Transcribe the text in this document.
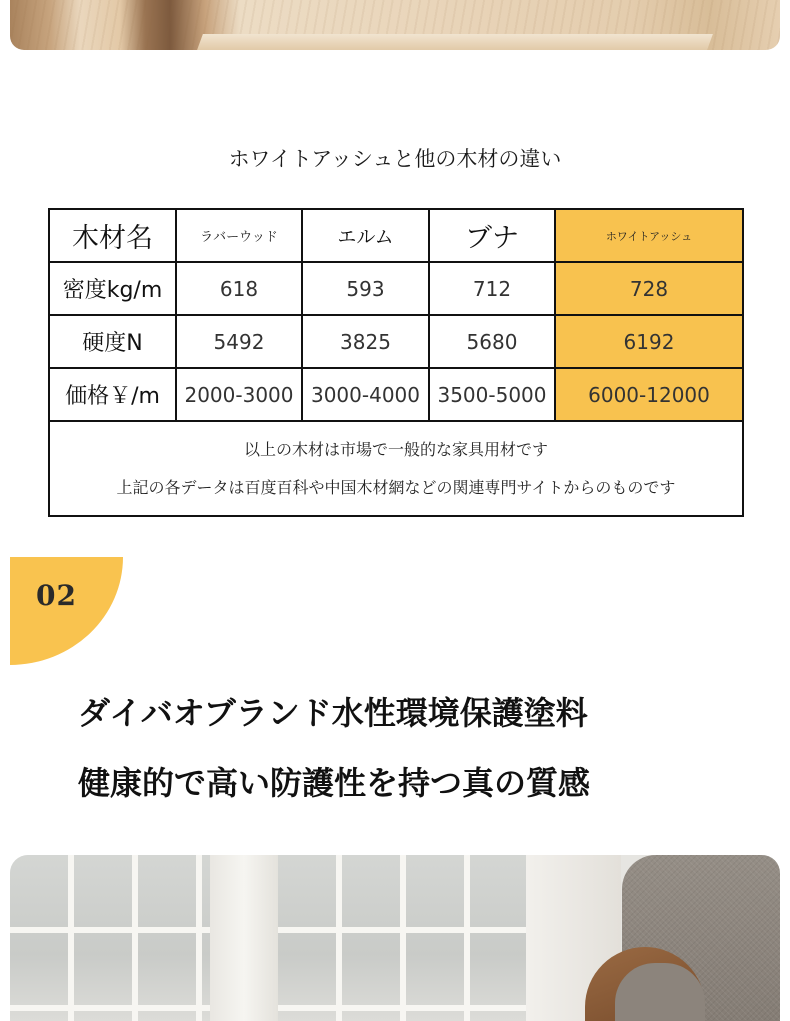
ホワイトアッシュと他の木材の違い
木材名	ラバーウッド	エルム	ブナ	ホワイトアッシュ
密度kg/m	618	593	712	728
硬度N	5492	3825	5680	6192
価格￥/m	2000-3000	3000-4000	3500-5000	6000-12000

以上の木材は市場で一般的な家具用材です
上記の各データは百度百科や中国木材網などの関連専門サイトからのものです				
02
ダイバオブランド水性環境保護塗料
健康的で高い防護性を持つ真の質感
